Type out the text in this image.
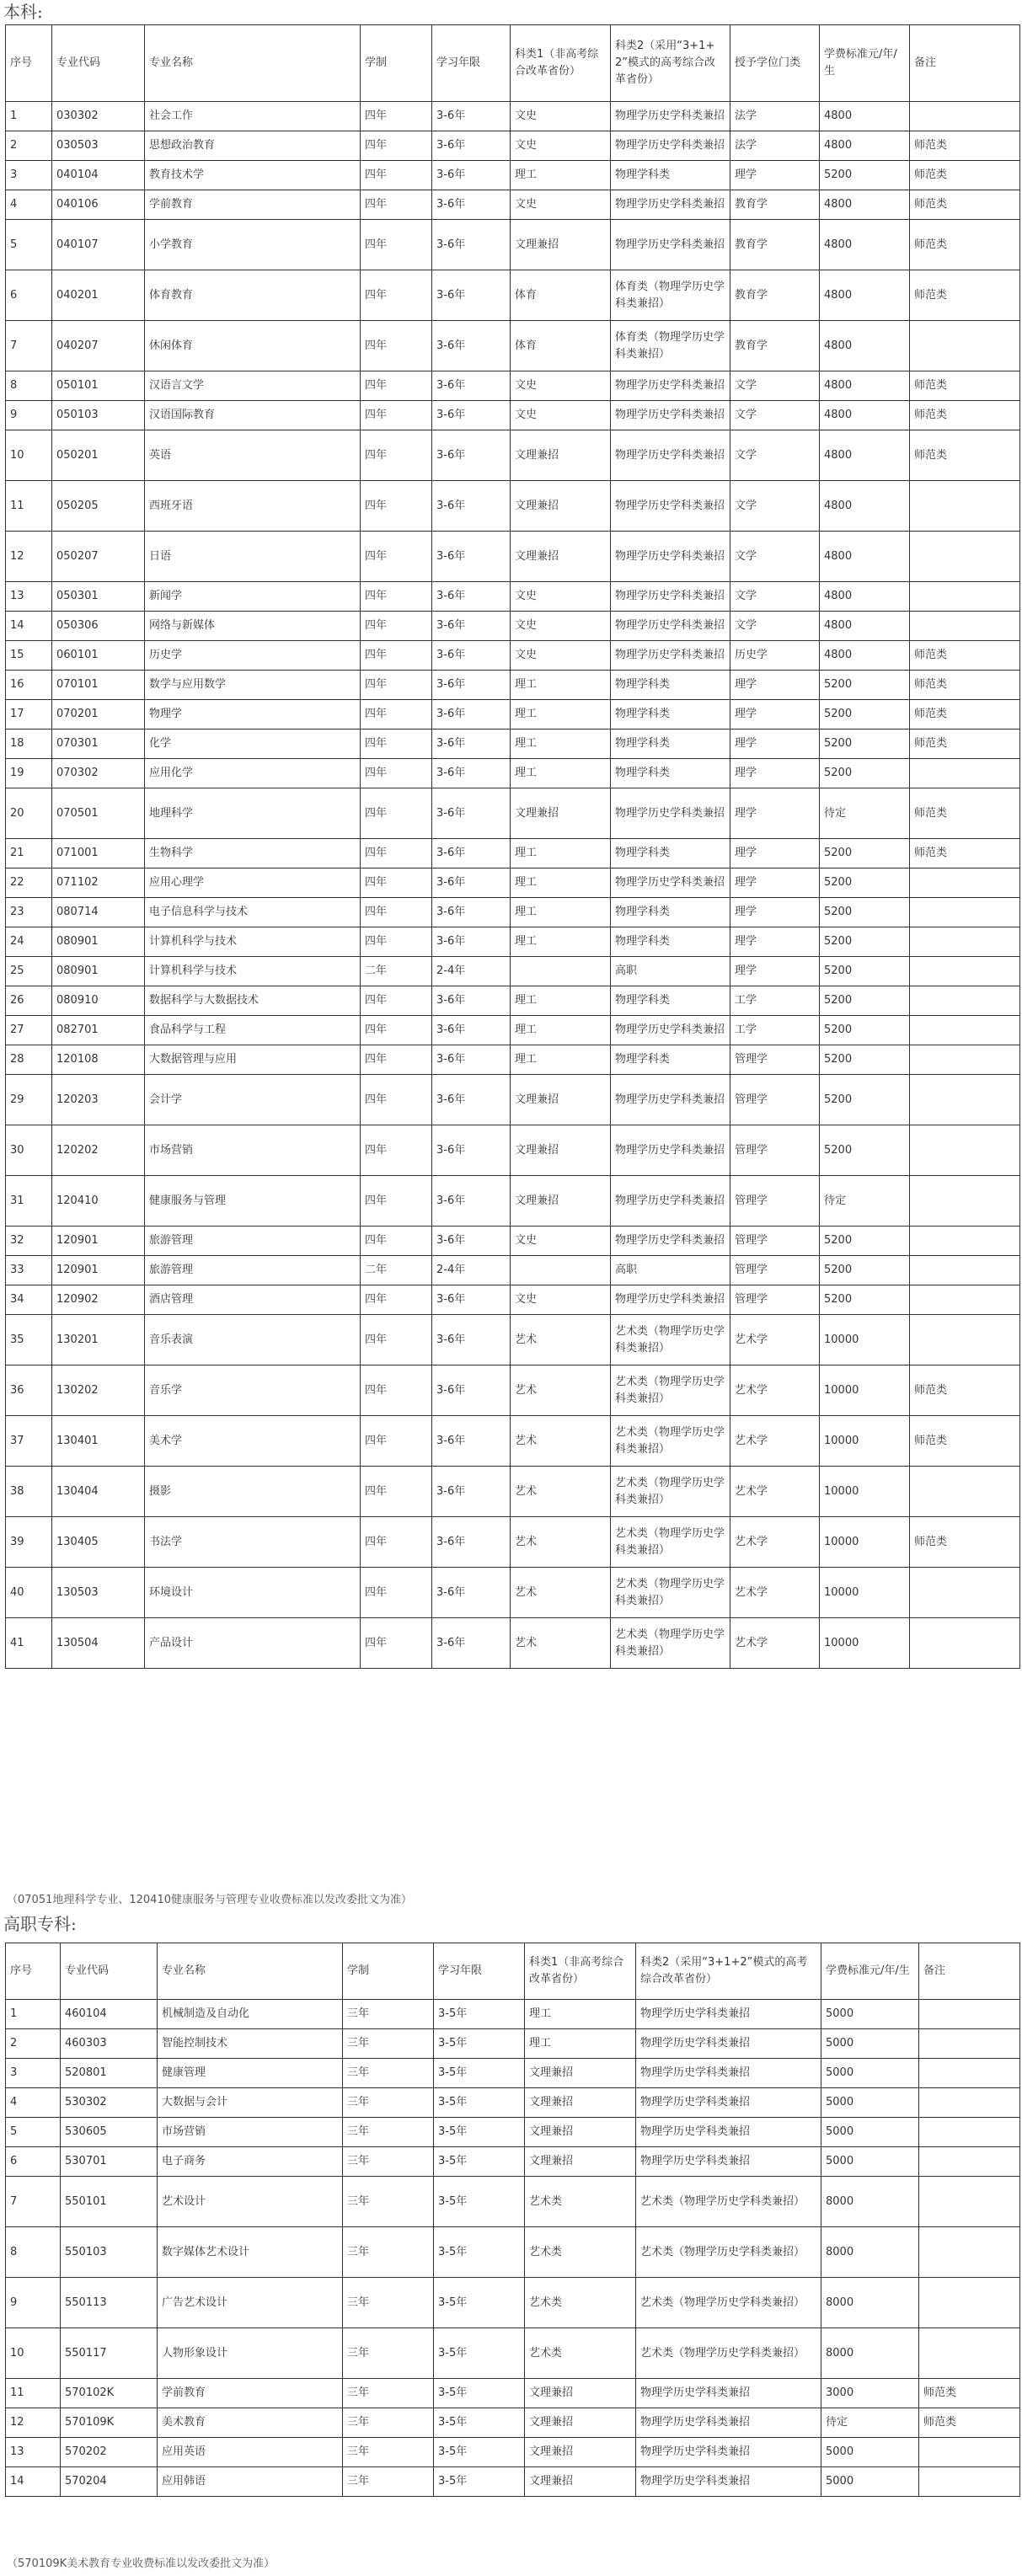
本科:
序号	专业代码	专业名称	学制	学习年限	科类1（非高考综合改革省份）	科类2（采用“3+1+2”模式的高考综合改革省份）	授予学位门类	学费标准元/年/生	备注
1	030302	社会工作	四年	3-6年	文史	物理学历史学科类兼招	法学	4800	
2	030503	思想政治教育	四年	3-6年	文史	物理学历史学科类兼招	法学	4800	师范类
3	040104	教育技术学	四年	3-6年	理工	物理学科类	理学	5200	师范类
4	040106	学前教育	四年	3-6年	文史	物理学历史学科类兼招	教育学	4800	师范类
5	040107	小学教育	四年	3-6年	文理兼招	物理学历史学科类兼招	教育学	4800	师范类
6	040201	体育教育	四年	3-6年	体育	体育类（物理学历史学科类兼招）	教育学	4800	师范类
7	040207	休闲体育	四年	3-6年	体育	体育类（物理学历史学科类兼招）	教育学	4800	
8	050101	汉语言文学	四年	3-6年	文史	物理学历史学科类兼招	文学	4800	师范类
9	050103	汉语国际教育	四年	3-6年	文史	物理学历史学科类兼招	文学	4800	师范类
10	050201	英语	四年	3-6年	文理兼招	物理学历史学科类兼招	文学	4800	师范类
11	050205	西班牙语	四年	3-6年	文理兼招	物理学历史学科类兼招	文学	4800	
12	050207	日语	四年	3-6年	文理兼招	物理学历史学科类兼招	文学	4800	
13	050301	新闻学	四年	3-6年	文史	物理学历史学科类兼招	文学	4800	
14	050306	网络与新媒体	四年	3-6年	文史	物理学历史学科类兼招	文学	4800	
15	060101	历史学	四年	3-6年	文史	物理学历史学科类兼招	历史学	4800	师范类
16	070101	数学与应用数学	四年	3-6年	理工	物理学科类	理学	5200	师范类
17	070201	物理学	四年	3-6年	理工	物理学科类	理学	5200	师范类
18	070301	化学	四年	3-6年	理工	物理学科类	理学	5200	师范类
19	070302	应用化学	四年	3-6年	理工	物理学科类	理学	5200	
20	070501	地理科学	四年	3-6年	文理兼招	物理学历史学科类兼招	理学	待定	师范类
21	071001	生物科学	四年	3-6年	理工	物理学科类	理学	5200	师范类
22	071102	应用心理学	四年	3-6年	理工	物理学历史学科类兼招	理学	5200	
23	080714	电子信息科学与技术	四年	3-6年	理工	物理学科类	理学	5200	
24	080901	计算机科学与技术	四年	3-6年	理工	物理学科类	理学	5200	
25	080901	计算机科学与技术	二年	2-4年		高职	理学	5200	
26	080910	数据科学与大数据技术	四年	3-6年	理工	物理学科类	工学	5200	
27	082701	食品科学与工程	四年	3-6年	理工	物理学历史学科类兼招	工学	5200	
28	120108	大数据管理与应用	四年	3-6年	理工	物理学科类	管理学	5200	
29	120203	会计学	四年	3-6年	文理兼招	物理学历史学科类兼招	管理学	5200	
30	120202	市场营销	四年	3-6年	文理兼招	物理学历史学科类兼招	管理学	5200	
31	120410	健康服务与管理	四年	3-6年	文理兼招	物理学历史学科类兼招	管理学	待定	
32	120901	旅游管理	四年	3-6年	文史	物理学历史学科类兼招	管理学	5200	
33	120901	旅游管理	二年	2-4年		高职	管理学	5200	
34	120902	酒店管理	四年	3-6年	文史	物理学历史学科类兼招	管理学	5200	
35	130201	音乐表演	四年	3-6年	艺术	艺术类（物理学历史学科类兼招）	艺术学	10000	
36	130202	音乐学	四年	3-6年	艺术	艺术类（物理学历史学科类兼招）	艺术学	10000	师范类
37	130401	美术学	四年	3-6年	艺术	艺术类（物理学历史学科类兼招）	艺术学	10000	师范类
38	130404	摄影	四年	3-6年	艺术	艺术类（物理学历史学科类兼招）	艺术学	10000	
39	130405	书法学	四年	3-6年	艺术	艺术类（物理学历史学科类兼招）	艺术学	10000	师范类
40	130503	环境设计	四年	3-6年	艺术	艺术类（物理学历史学科类兼招）	艺术学	10000	
41	130504	产品设计	四年	3-6年	艺术	艺术类（物理学历史学科类兼招）	艺术学	10000	
（07051地理科学专业、120410健康服务与管理专业收费标准以发改委批文为准）
高职专科:
序号	专业代码	专业名称	学制	学习年限	科类1（非高考综合改革省份）	科类2（采用“3+1+2”模式的高考综合改革省份）	学费标准元/年/生	备注
1	460104	机械制造及自动化	三年	3-5年	理工	物理学历史学科类兼招	5000	
2	460303	智能控制技术	三年	3-5年	理工	物理学历史学科类兼招	5000	
3	520801	健康管理	三年	3-5年	文理兼招	物理学历史学科类兼招	5000	
4	530302	大数据与会计	三年	3-5年	文理兼招	物理学历史学科类兼招	5000	
5	530605	市场营销	三年	3-5年	文理兼招	物理学历史学科类兼招	5000	
6	530701	电子商务	三年	3-5年	文理兼招	物理学历史学科类兼招	5000	
7	550101	艺术设计	三年	3-5年	艺术类	艺术类（物理学历史学科类兼招）	8000	
8	550103	数字媒体艺术设计	三年	3-5年	艺术类	艺术类（物理学历史学科类兼招）	8000	
9	550113	广告艺术设计	三年	3-5年	艺术类	艺术类（物理学历史学科类兼招）	8000	
10	550117	人物形象设计	三年	3-5年	艺术类	艺术类（物理学历史学科类兼招）	8000	
11	570102K	学前教育	三年	3-5年	文理兼招	物理学历史学科类兼招	3000	师范类
12	570109K	美术教育	三年	3-5年	文理兼招	物理学历史学科类兼招	待定	师范类
13	570202	应用英语	三年	3-5年	文理兼招	物理学历史学科类兼招	5000	
14	570204	应用韩语	三年	3-5年	文理兼招	物理学历史学科类兼招	5000	
（570109K美术教育专业收费标准以发改委批文为准）
